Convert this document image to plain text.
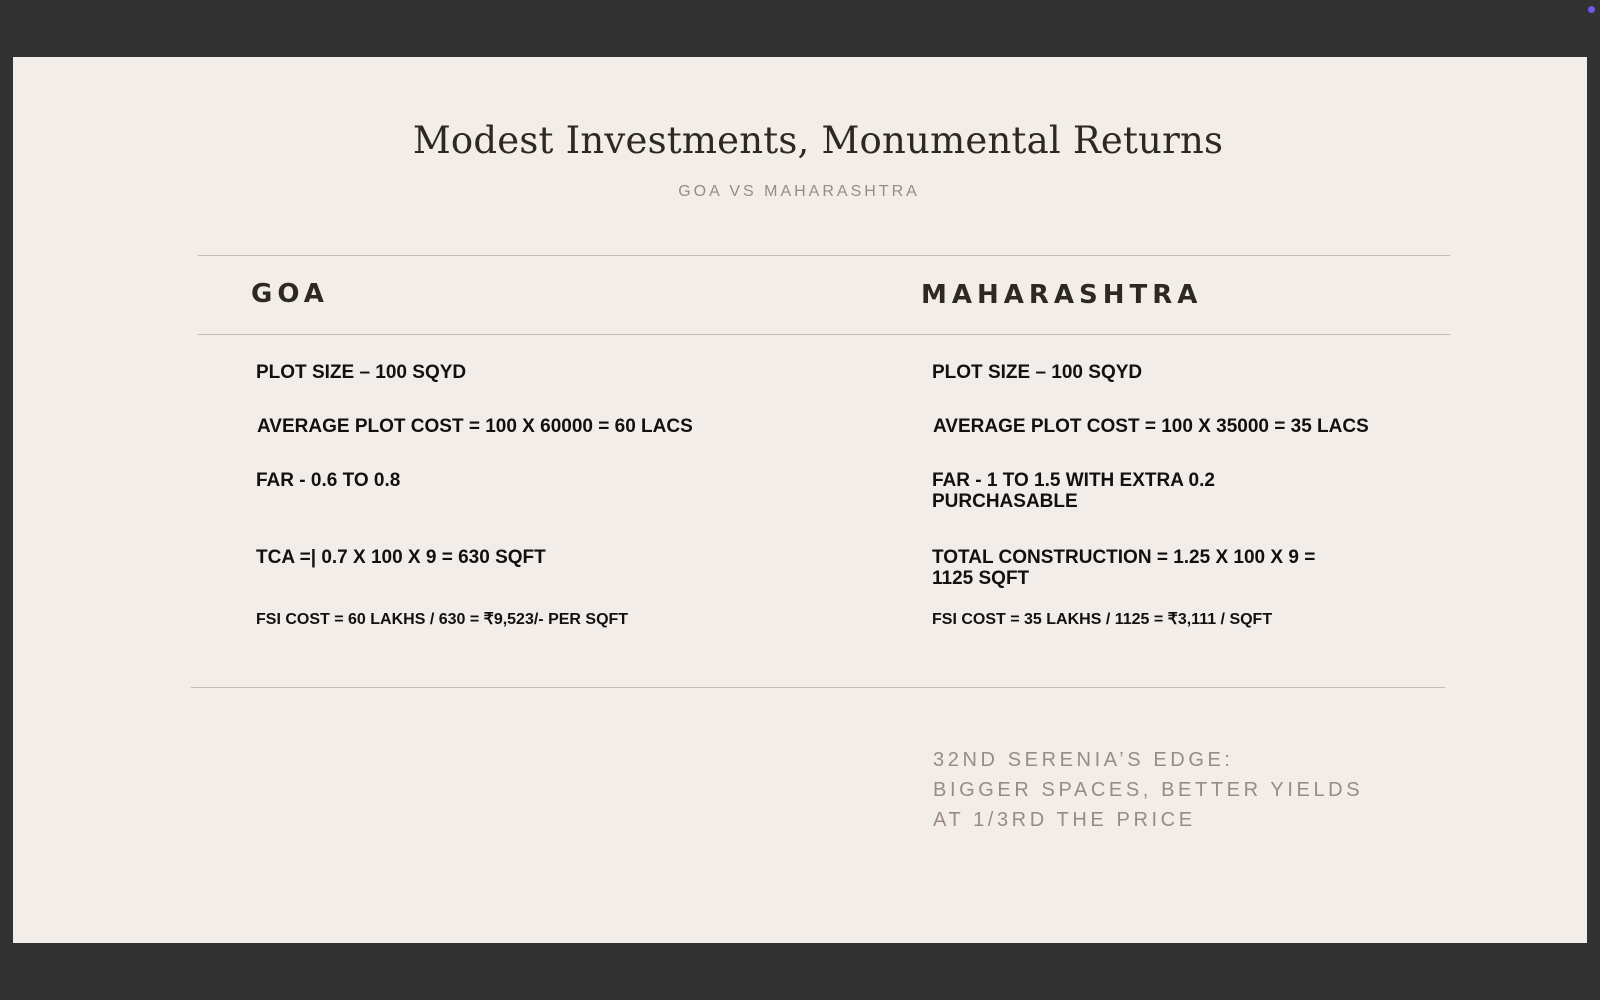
Modest Investments, Monumental Returns
GOA VS MAHARASHTRA
GOA	MAHARASHTRA
PLOT SIZE – 100 SQYD
AVERAGE PLOT COST = 100 X 60000 = 60 LACS
FAR - 0.6 TO 0.8
TCA =| 0.7 X 100 X 9 = 630 SQFT
FSI COST = 60 LAKHS / 630 = ₹9,523/- PER SQFT
PLOT SIZE – 100 SQYD
AVERAGE PLOT COST = 100 X 35000 = 35 LACS
FAR - 1 TO 1.5 WITH EXTRA 0.2 PURCHASABLE
TOTAL CONSTRUCTION = 1.25 X 100 X 9 = 1125 SQFT
FSI COST = 35 LAKHS / 1125 = ₹3,111 / SQFT
32ND SERENIA’S EDGE:
BIGGER SPACES, BETTER YIELDS
AT 1/3RD THE PRICE
